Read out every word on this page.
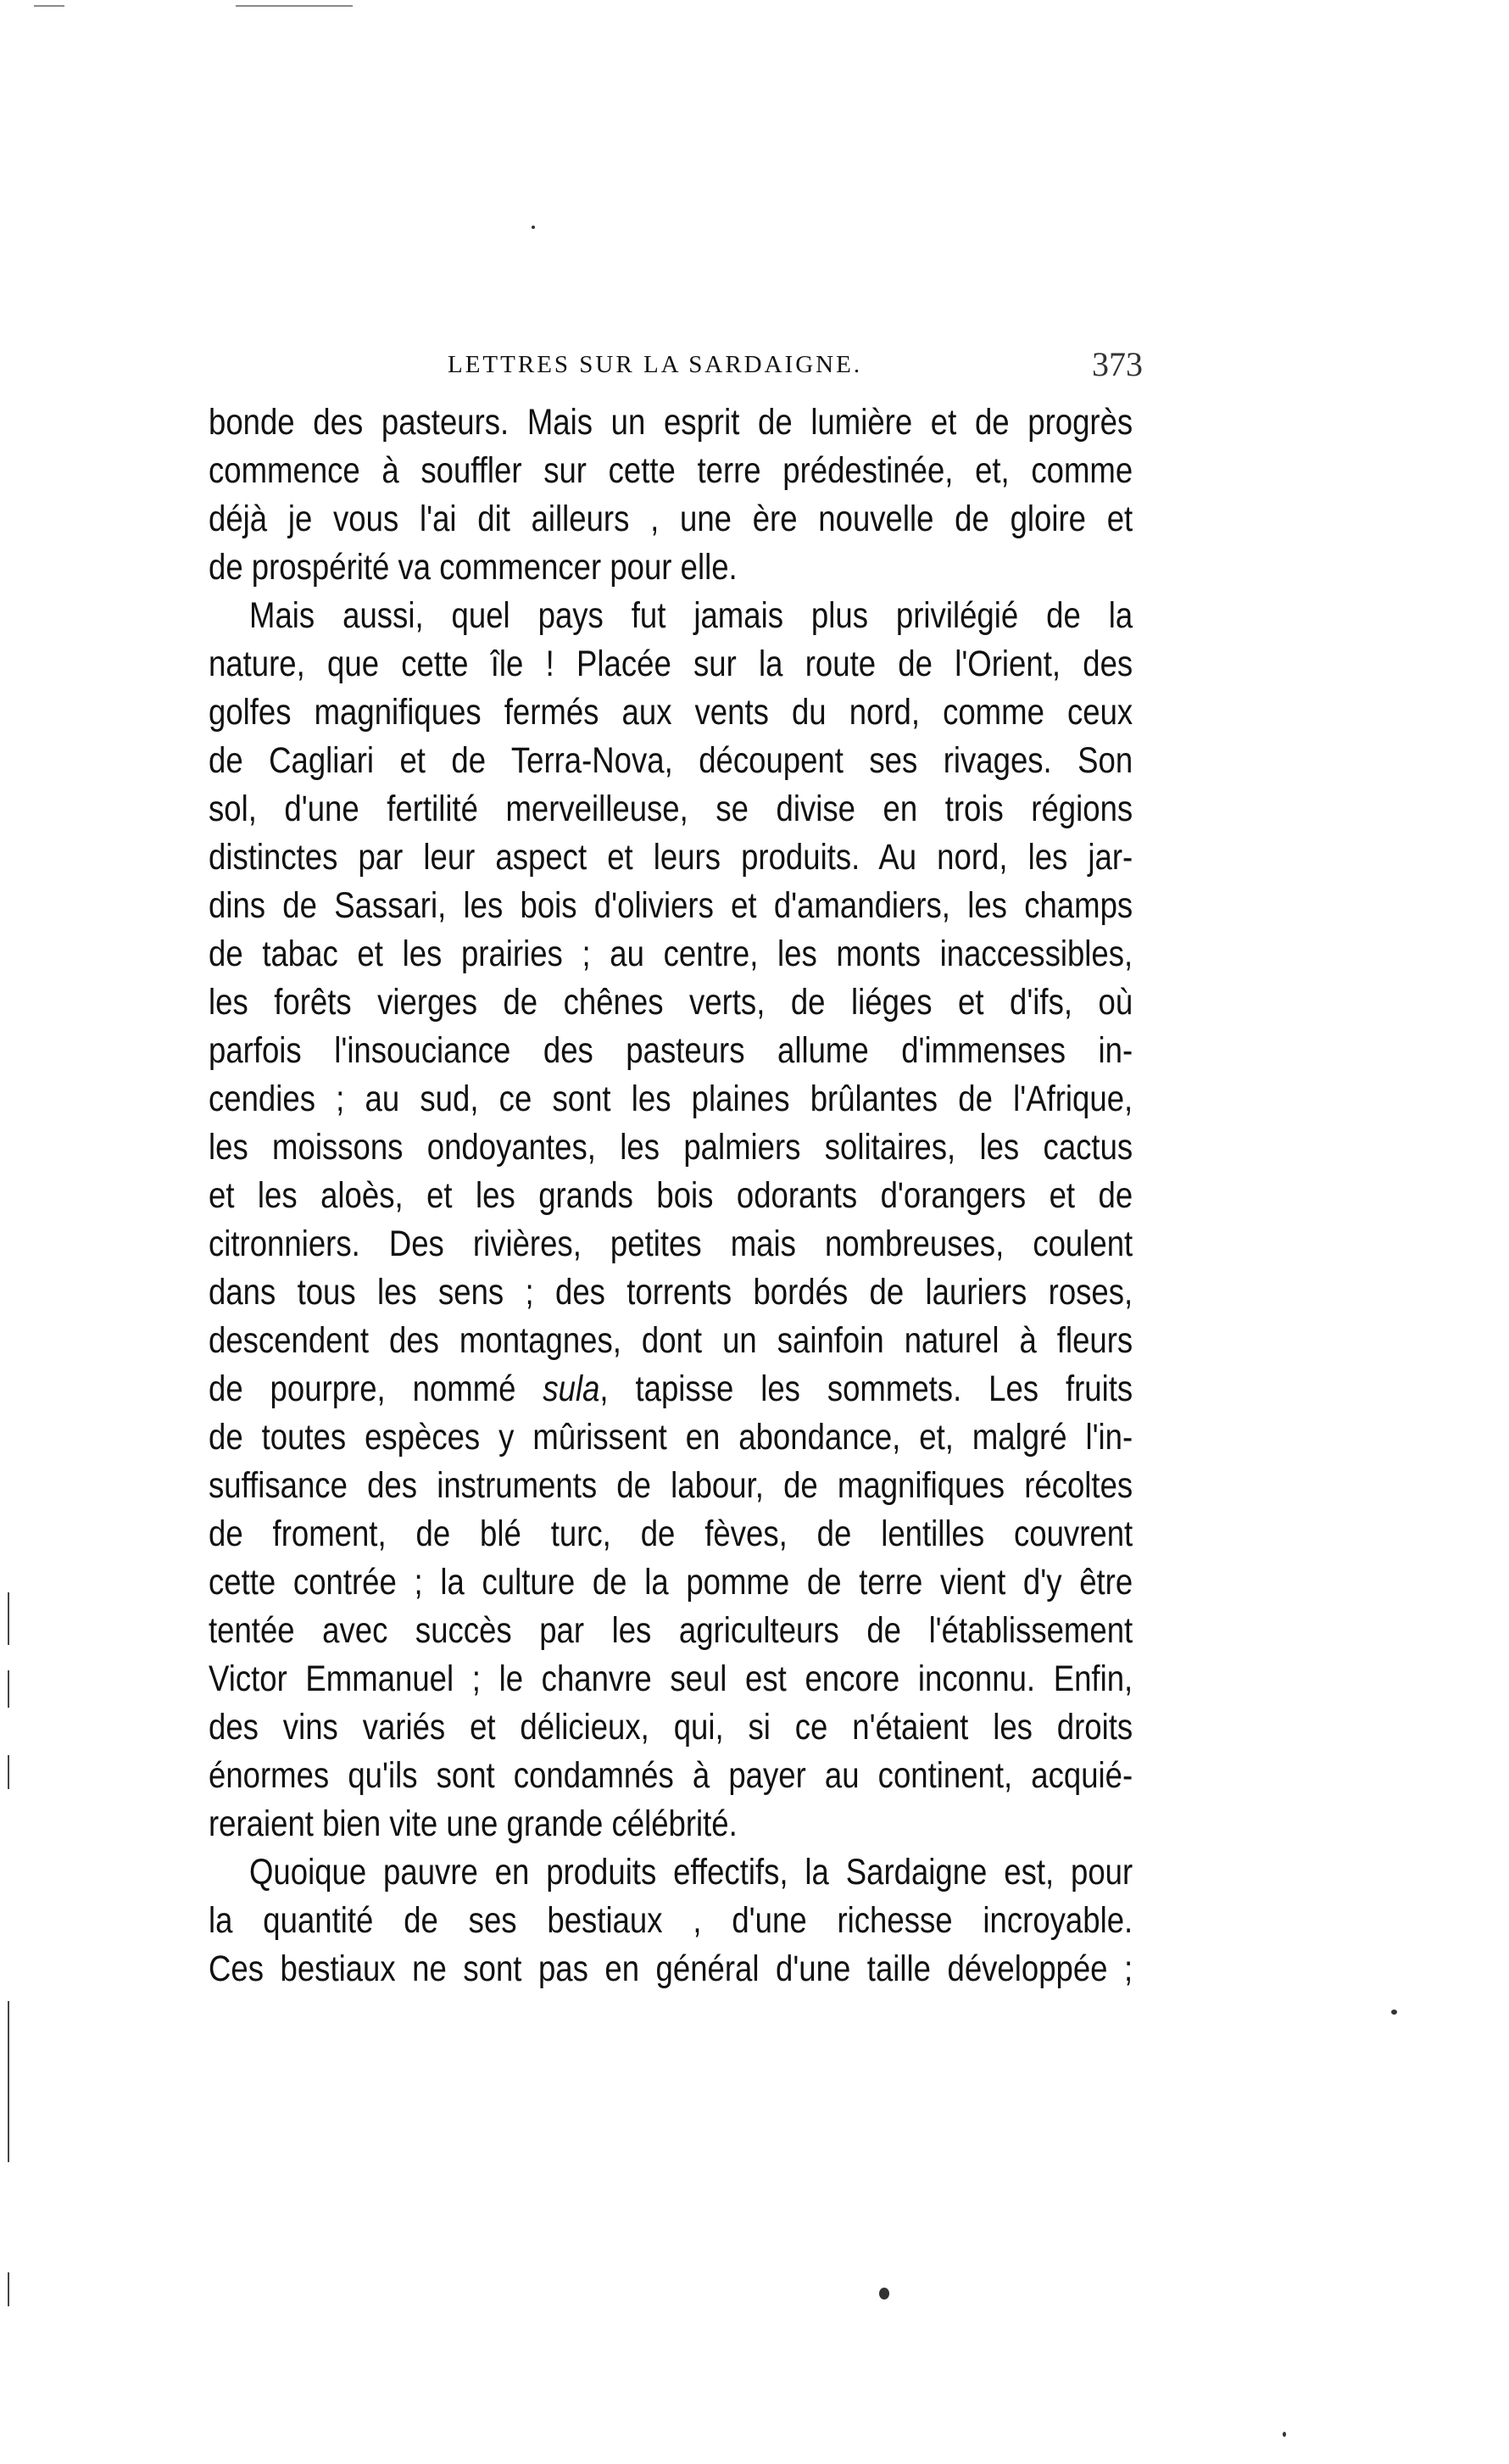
LETTRES SUR LA SARDAIGNE.	373
bonde des pasteurs. Mais un esprit de lumière et de progrès
commence à souffler sur cette terre prédestinée, et, comme
déjà je vous l'ai dit ailleurs , une ère nouvelle de gloire et
de prospérité va commencer pour elle.
Mais aussi, quel pays fut jamais plus privilégié de la
nature, que cette île ! Placée sur la route de l'Orient, des
golfes magnifiques fermés aux vents du nord, comme ceux
de Cagliari et de Terra-Nova, découpent ses rivages. Son
sol, d'une fertilité merveilleuse, se divise en trois régions
distinctes par leur aspect et leurs produits. Au nord, les jar-
dins de Sassari, les bois d'oliviers et d'amandiers, les champs
de tabac et les prairies ; au centre, les monts inaccessibles,
les forêts vierges de chênes verts, de liéges et d'ifs, où
parfois l'insouciance des pasteurs allume d'immenses in-
cendies ; au sud, ce sont les plaines brûlantes de l'Afrique,
les moissons ondoyantes, les palmiers solitaires, les cactus
et les aloès, et les grands bois odorants d'orangers et de
citronniers. Des rivières, petites mais nombreuses, coulent
dans tous les sens ; des torrents bordés de lauriers roses,
descendent des montagnes, dont un sainfoin naturel à fleurs
de pourpre, nommé sula, tapisse les sommets. Les fruits
de toutes espèces y mûrissent en abondance, et, malgré l'in-
suffisance des instruments de labour, de magnifiques récoltes
de froment, de blé turc, de fèves, de lentilles couvrent
cette contrée ; la culture de la pomme de terre vient d'y être
tentée avec succès par les agriculteurs de l'établissement
Victor Emmanuel ; le chanvre seul est encore inconnu. Enfin,
des vins variés et délicieux, qui, si ce n'étaient les droits
énormes qu'ils sont condamnés à payer au continent, acquié-
reraient bien vite une grande célébrité.
Quoique pauvre en produits effectifs, la Sardaigne est, pour
la quantité de ses bestiaux , d'une richesse incroyable.
Ces bestiaux ne sont pas en général d'une taille développée ;
